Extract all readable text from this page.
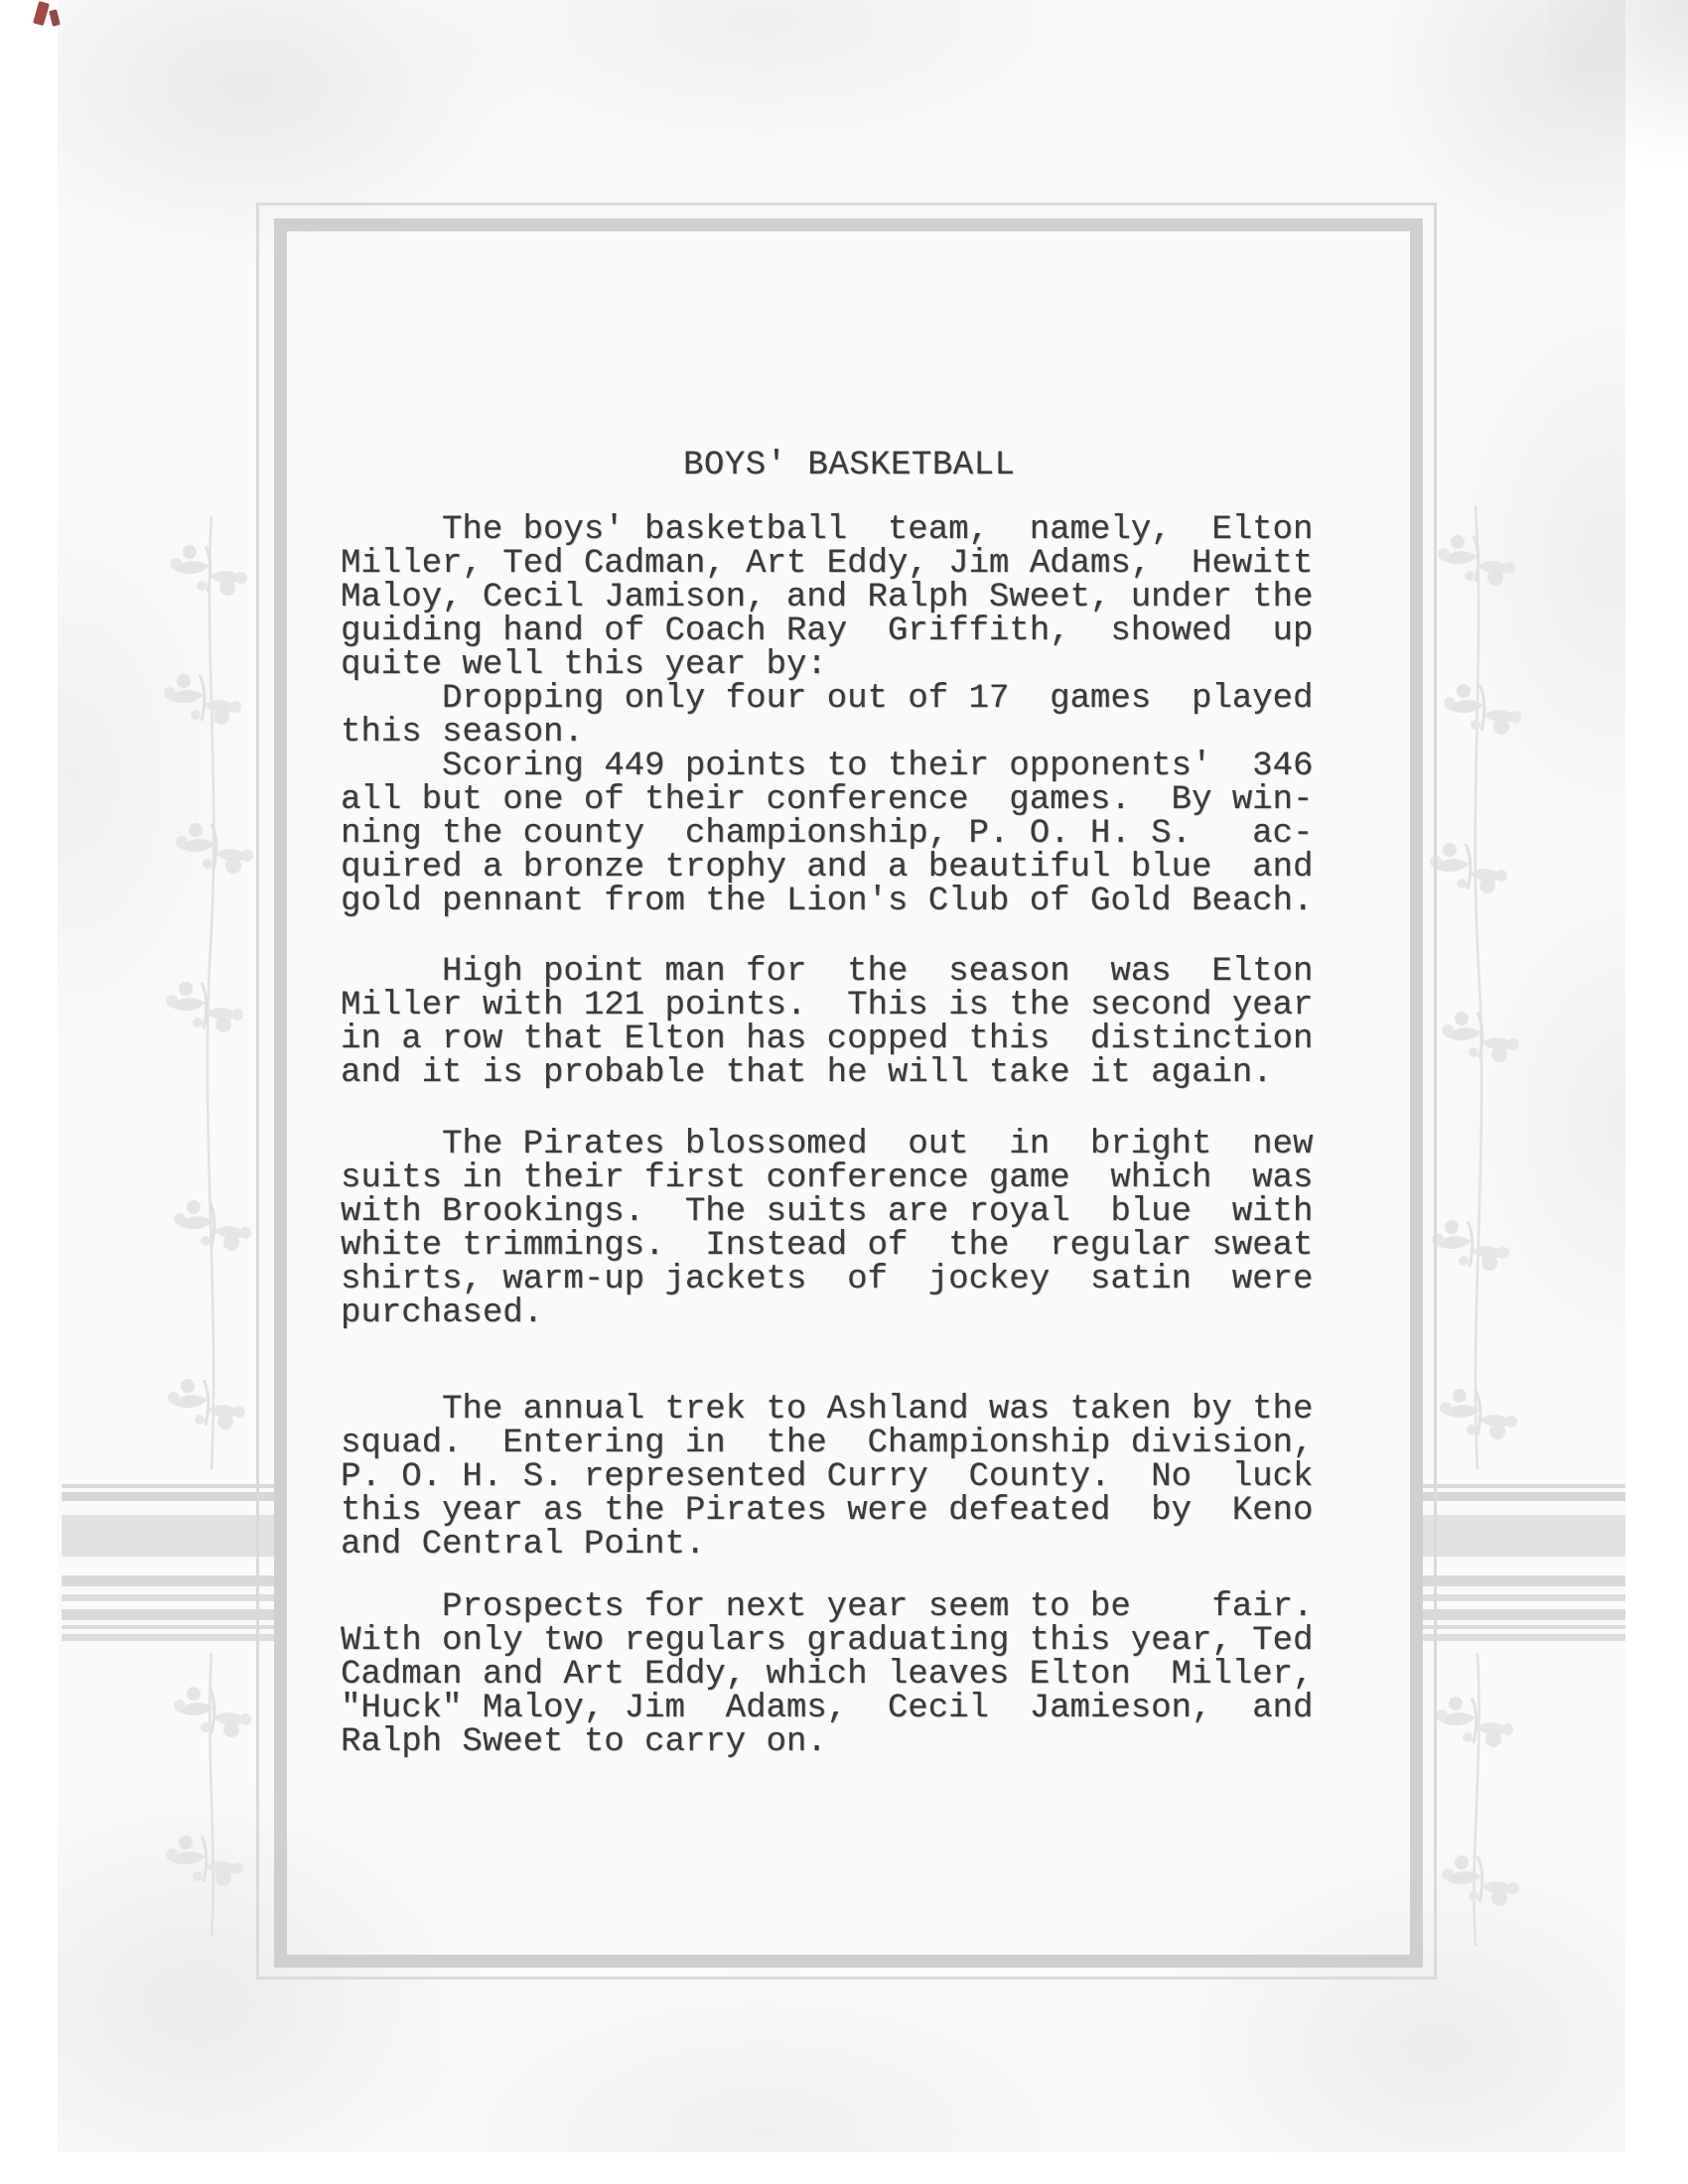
BOYS' BASKETBALL
The boys' basketball  team,  namely,  Elton
Miller, Ted Cadman, Art Eddy, Jim Adams,  Hewitt
Maloy, Cecil Jamison, and Ralph Sweet, under the
guiding hand of Coach Ray  Griffith,  showed  up
quite well this year by:
Dropping only four out of 17  games  played
this season.
Scoring 449 points to their opponents'  346
all but one of their conference  games.  By win-
ning the county  championship, P. O. H. S.   ac-
quired a bronze trophy and a beautiful blue  and
gold pennant from the Lion's Club of Gold Beach.
High point man for  the  season  was  Elton
Miller with 121 points.  This is the second year
in a row that Elton has copped this  distinction
and it is probable that he will take it again.
The Pirates blossomed  out  in  bright  new
suits in their first conference game  which  was
with Brookings.  The suits are royal  blue  with
white trimmings.  Instead of  the  regular sweat
shirts, warm-up jackets  of  jockey  satin  were
purchased.
The annual trek to Ashland was taken by the
squad.  Entering in  the  Championship division,
P. O. H. S. represented Curry  County.  No  luck
this year as the Pirates were defeated  by  Keno
and Central Point.
Prospects for next year seem to be    fair.
With only two regulars graduating this year, Ted
Cadman and Art Eddy, which leaves Elton  Miller,
"Huck" Maloy, Jim  Adams,  Cecil  Jamieson,  and
Ralph Sweet to carry on.
